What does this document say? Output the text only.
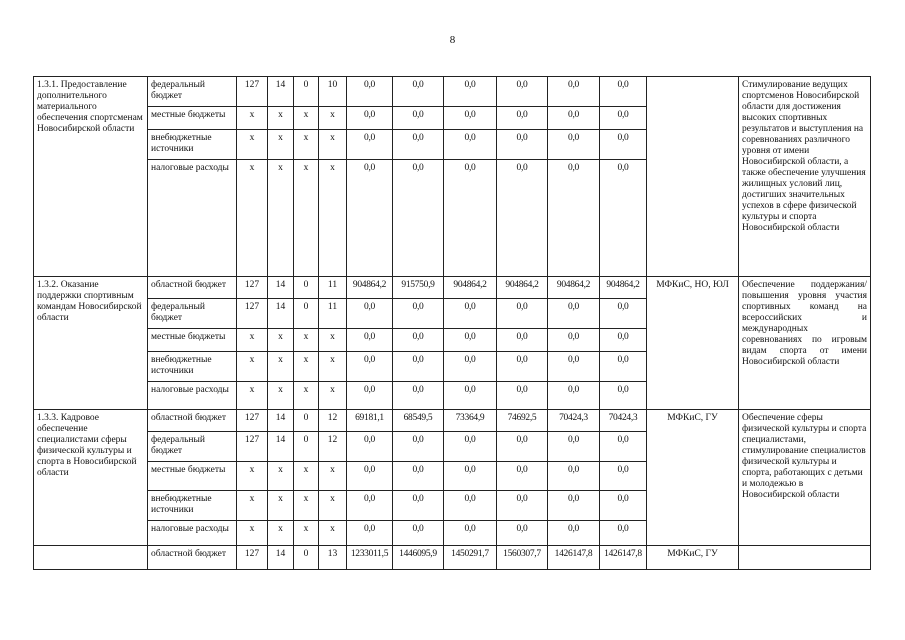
8
1.3.1. Предоставление дополнительного материального обеспечения спортсменам Новосибирской области	федеральный бюджет	127	14	0	10	0,0	0,0	0,0	0,0	0,0	0,0		Стимулирование ведущих спортсменов Новосибирской области для достижения высоких спортивных результатов и выступления на соревнованиях различного уровня от имени Новосибирской области, а также обеспечение улучшения жилищных условий лиц, достигших значительных успехов в сфере физической культуры и спорта Новосибирской области
	местные бюджеты	x	x	x	x	0,0	0,0	0,0	0,0	0,0	0,0		
	внебюджетные источники	x	x	x	x	0,0	0,0	0,0	0,0	0,0	0,0		
	налоговые расходы	x	x	x	x	0,0	0,0	0,0	0,0	0,0	0,0		
1.3.2. Оказание поддержки спортивным командам Новосибирской области	областной бюджет	127	14	0	11	904864,2	915750,9	904864,2	904864,2	904864,2	904864,2	МФКиС, НО, ЮЛ	Обеспечение поддержания/повышения уровня участия спортивных команд на всероссийских и международных соревнованиях по игровым видам спорта от имени Новосибирской области
	федеральный бюджет	127	14	0	11	0,0	0,0	0,0	0,0	0,0	0,0		
	местные бюджеты	x	x	x	x	0,0	0,0	0,0	0,0	0,0	0,0		
	внебюджетные источники	x	x	x	x	0,0	0,0	0,0	0,0	0,0	0,0		
	налоговые расходы	x	x	x	x	0,0	0,0	0,0	0,0	0,0	0,0		
1.3.3. Кадровое обеспечение специалистами сферы физической культуры и спорта в Новосибирской области	областной бюджет	127	14	0	12	69181,1	68549,5	73364,9	74692,5	70424,3	70424,3	МФКиС, ГУ	Обеспечение сферы физической культуры и спорта специалистами, стимулирование специалистов физической культуры и спорта, работающих с детьми и молодежью в Новосибирской области
	федеральный бюджет	127	14	0	12	0,0	0,0	0,0	0,0	0,0	0,0		
	местные бюджеты	x	x	x	x	0,0	0,0	0,0	0,0	0,0	0,0		
	внебюджетные источники	x	x	x	x	0,0	0,0	0,0	0,0	0,0	0,0		
	налоговые расходы	x	x	x	x	0,0	0,0	0,0	0,0	0,0	0,0		
	областной бюджет	127	14	0	13	1233011,5	1446095,9	1450291,7	1560307,7	1426147,8	1426147,8	МФКиС, ГУ	
